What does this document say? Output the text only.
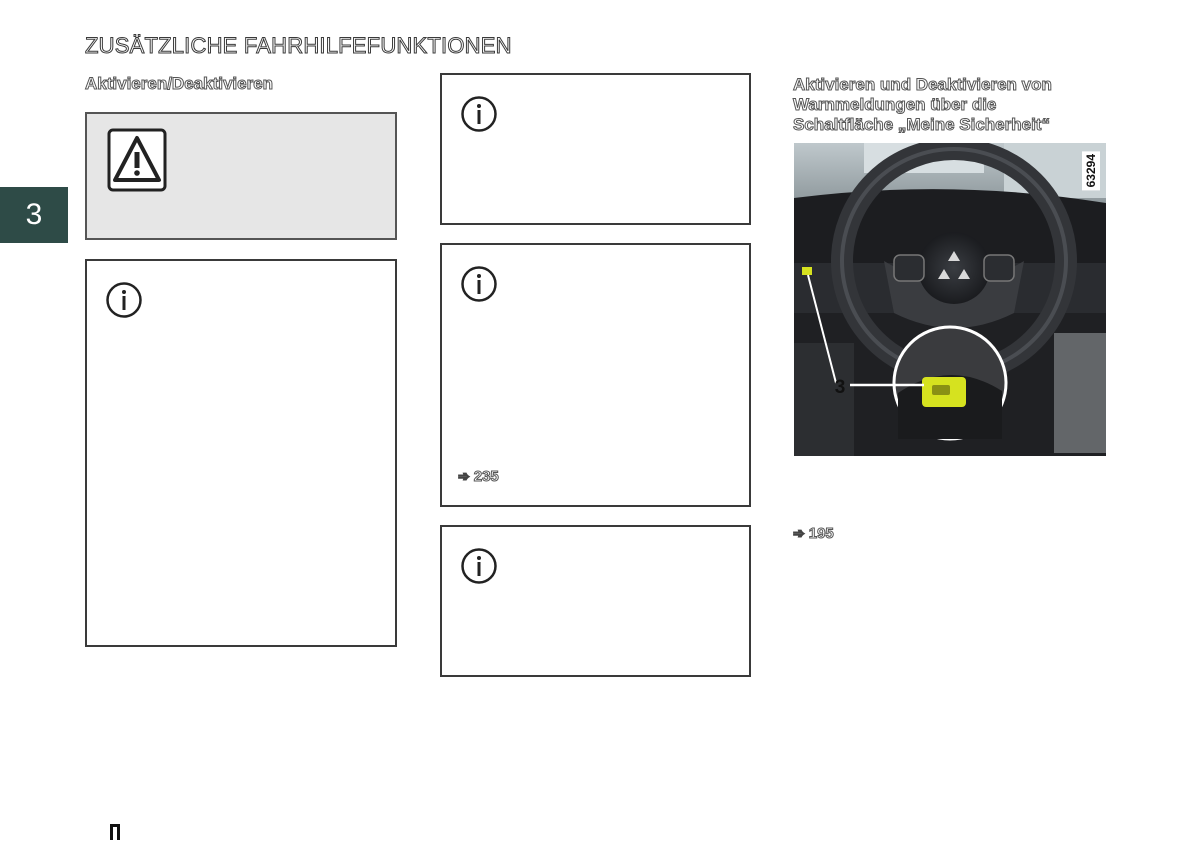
ZUSÄTZLICHE FAHRHILFEFUNKTIONEN
3
Aktivieren/Deaktivieren
➾ 235
Aktivieren und Deaktivieren von
Warnmeldungen über die
Schaltfläche „Meine Sicherheit“
63294
3
➾ 195
